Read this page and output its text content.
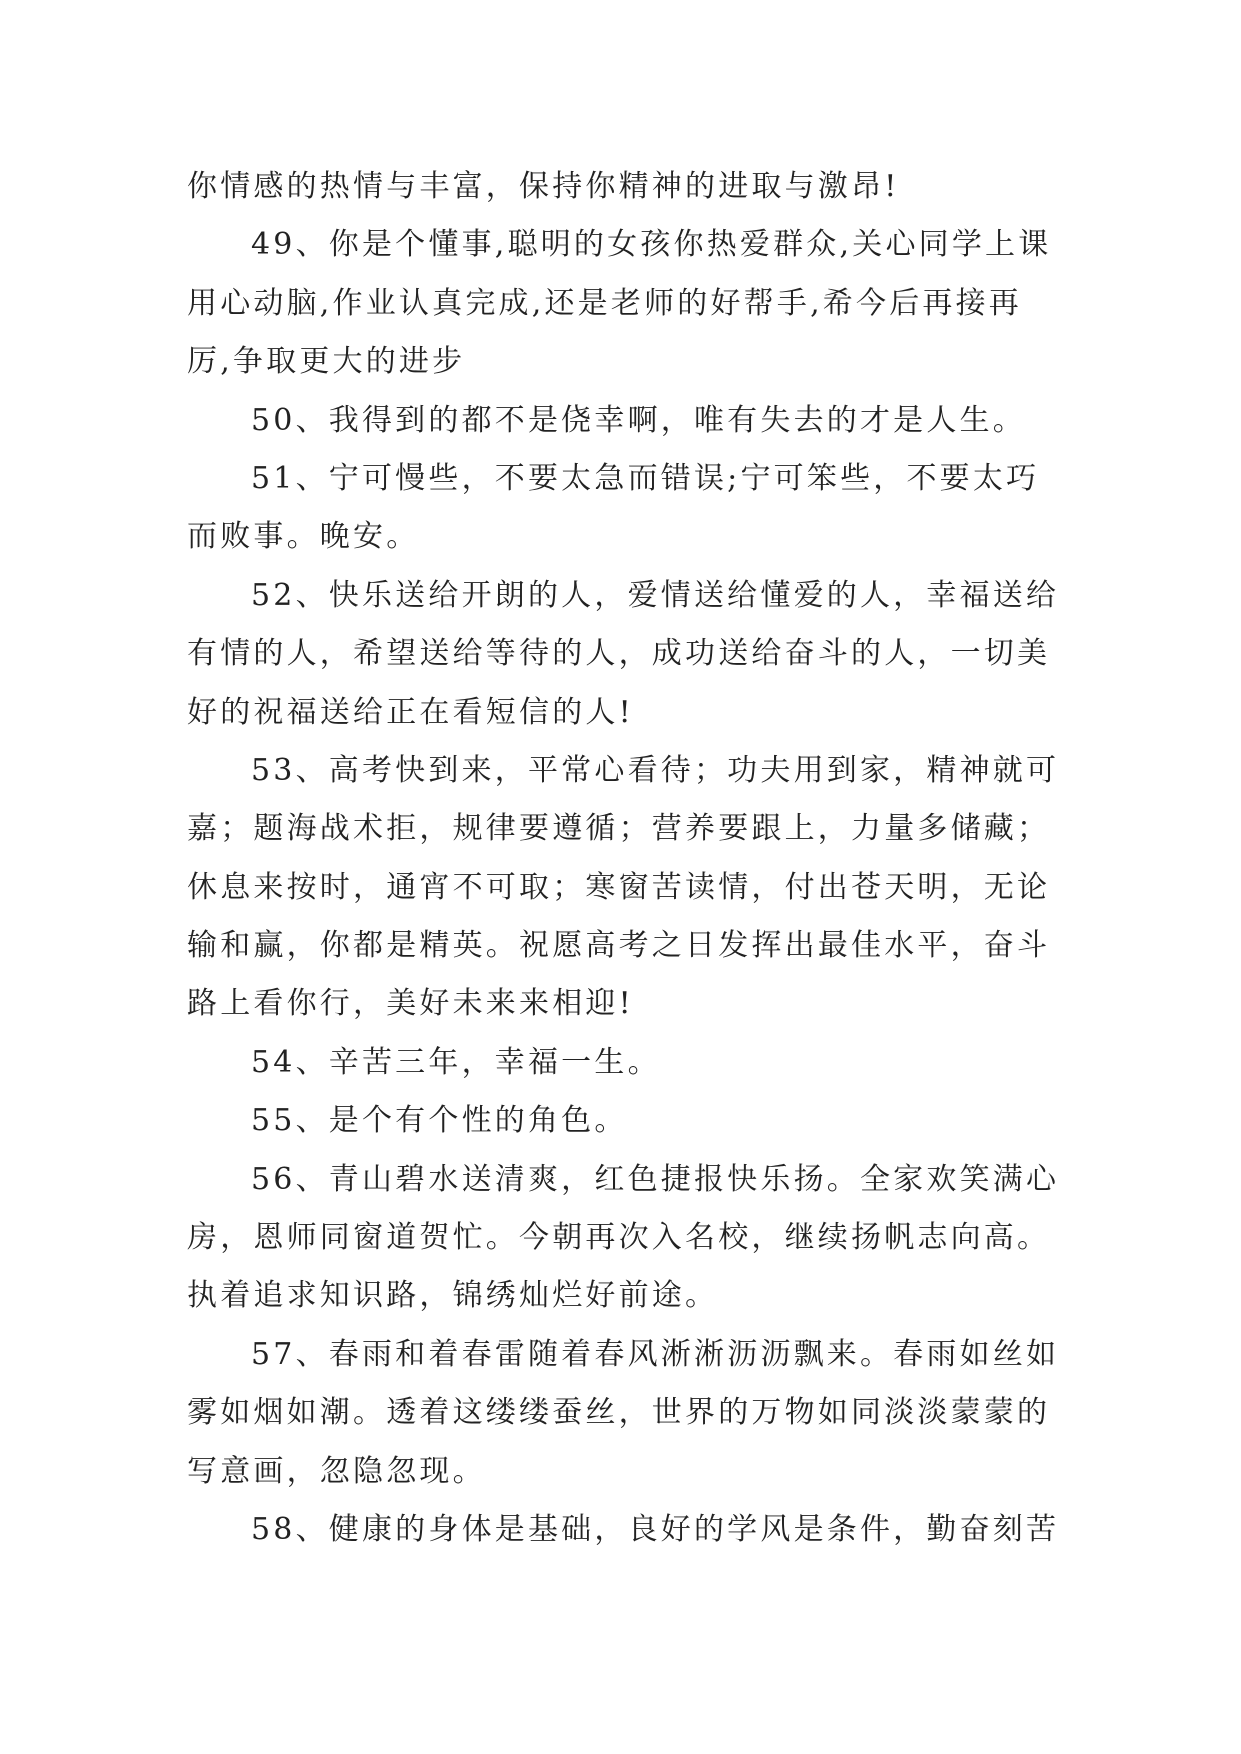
你情感的热情与丰富，保持你精神的进取与激昂!
49、你是个懂事,聪明的女孩你热爱群众,关心同学上课
用心动脑,作业认真完成,还是老师的好帮手,希今后再接再
厉,争取更大的进步
50、我得到的都不是侥幸啊，唯有失去的才是人生。
51、宁可慢些，不要太急而错误;宁可笨些，不要太巧
而败事。晚安。
52、快乐送给开朗的人，爱情送给懂爱的人，幸福送给
有情的人，希望送给等待的人，成功送给奋斗的人，一切美
好的祝福送给正在看短信的人!
53、高考快到来，平常心看待；功夫用到家，精神就可
嘉；题海战术拒，规律要遵循；营养要跟上，力量多储藏；
休息来按时，通宵不可取；寒窗苦读情，付出苍天明，无论
输和赢，你都是精英。祝愿高考之日发挥出最佳水平，奋斗
路上看你行，美好未来来相迎!
54、辛苦三年，幸福一生。
55、是个有个性的角色。
56、青山碧水送清爽，红色捷报快乐扬。全家欢笑满心
房，恩师同窗道贺忙。今朝再次入名校，继续扬帆志向高。
执着追求知识路，锦绣灿烂好前途。
57、春雨和着春雷随着春风淅淅沥沥飘来。春雨如丝如
雾如烟如潮。透着这缕缕蚕丝，世界的万物如同淡淡蒙蒙的
写意画，忽隐忽现。
58、健康的身体是基础，良好的学风是条件，勤奋刻苦
